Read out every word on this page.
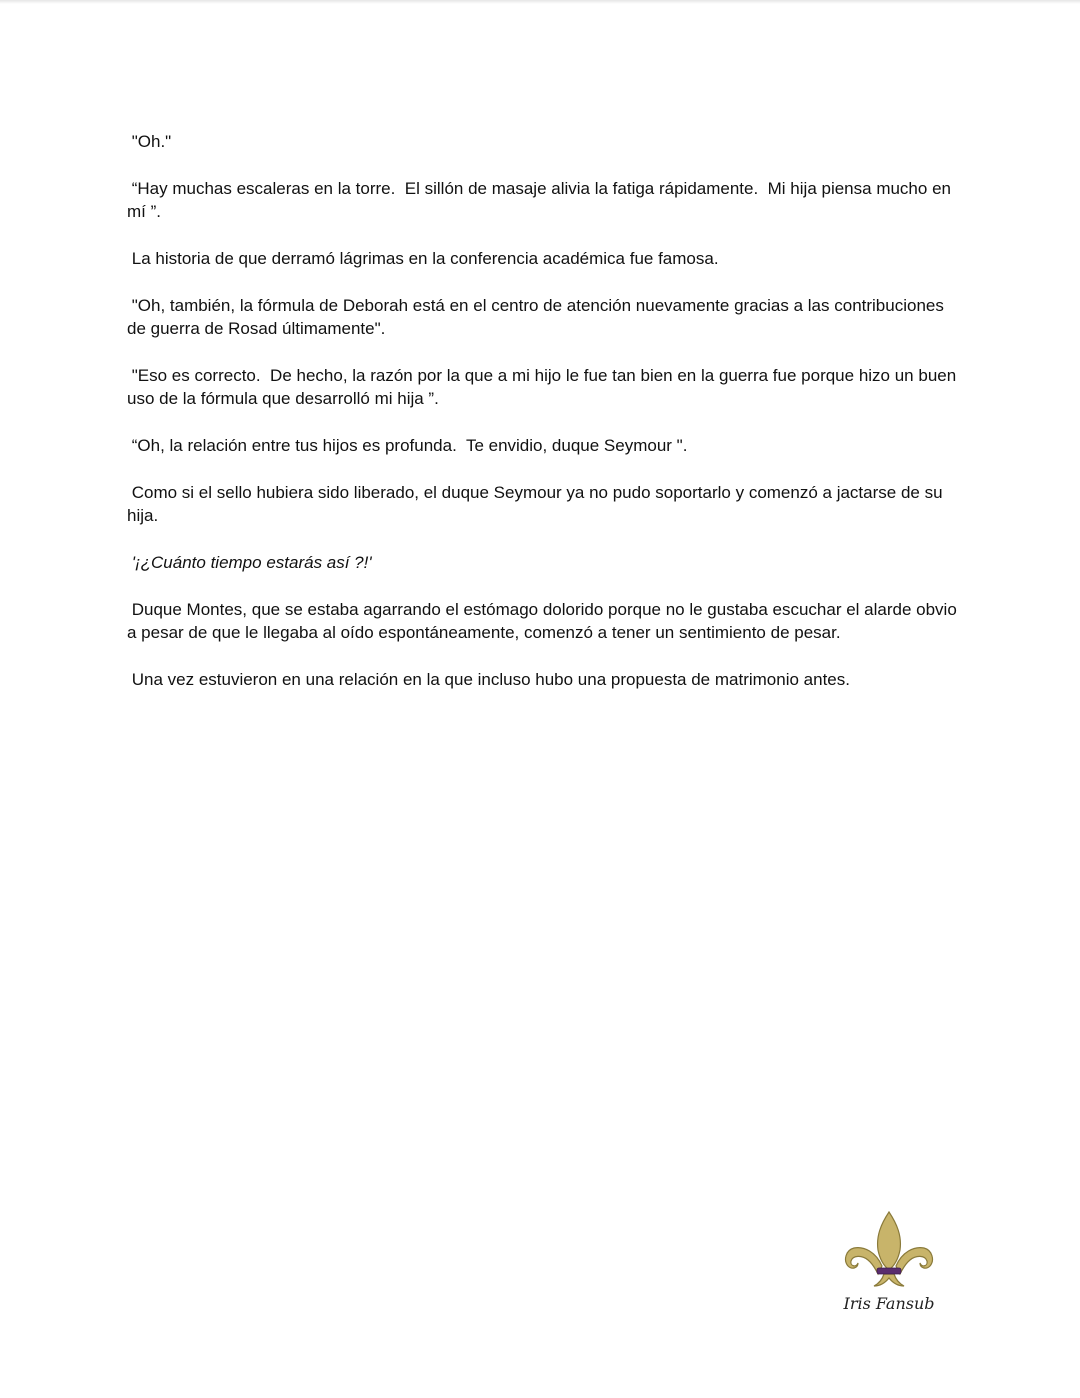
"Oh."

“Hay muchas escaleras en la torre.  El sillón de masaje alivia la fatiga rápidamente.  Mi hija piensa mucho en mí ”.

La historia de que derramó lágrimas en la conferencia académica fue famosa.

"Oh, también, la fórmula de Deborah está en el centro de atención nuevamente gracias a las contribuciones de guerra de Rosad últimamente".

"Eso es correcto.  De hecho, la razón por la que a mi hijo le fue tan bien en la guerra fue porque hizo un buen uso de la fórmula que desarrolló mi hija ”.

“Oh, la relación entre tus hijos es profunda.  Te envidio, duque Seymour ".

Como si el sello hubiera sido liberado, el duque Seymour ya no pudo soportarlo y comenzó a jactarse de su hija.

'¡¿Cuánto tiempo estarás así ?!'

Duque Montes, que se estaba agarrando el estómago dolorido porque no le gustaba escuchar el alarde obvio a pesar de que le llegaba al oído espontáneamente, comenzó a tener un sentimiento de pesar.

Una vez estuvieron en una relación en la que incluso hubo una propuesta de matrimonio antes.

Iris Fansub
